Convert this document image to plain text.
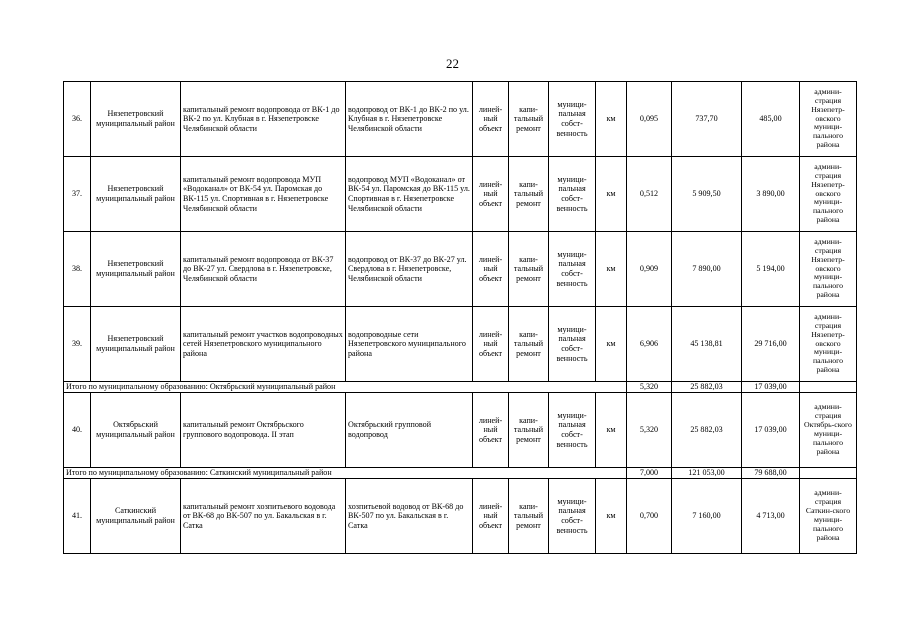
22
36.	Нязепетровский муниципальный район	капитальный ремонт водопровода от ВК-1 до ВК-2 по ул. Клубная в г. Нязепетровске Челябинской области	водопровод от ВК-1 до ВК-2 по ул. Клубная в г. Нязепетровске Челябинской области	линей-ный объект	капи-тальный ремонт	муници-пальная собст-венность	км	0,095	737,70	485,00	админи-страция Нязепетр-овского муници-пального района
37.	Нязепетровский муниципальный район	капитальный ремонт водопровода МУП «Водоканал» от ВК-54 ул. Паромская до ВК-115 ул. Спортивная в г. Нязепетровске Челябинской области	водопровод МУП «Водоканал» от ВК-54 ул. Паромская до ВК-115 ул. Спортивная в г. Нязепетровске Челябинской области	линей-ный объект	капи-тальный ремонт	муници-пальная собст-венность	км	0,512	5 909,50	3 890,00	админи-страция Нязепетр-овского муници-пального района
38.	Нязепетровский муниципальный район	капитальный ремонт водопровода от ВК-37 до ВК-27 ул. Свердлова в г. Нязепетровске, Челябинской области	водопровод от ВК-37 до ВК-27 ул. Свердлова в г. Нязепетровске, Челябинской области	линей-ный объект	капи-тальный ремонт	муници-пальная собст-венность	км	0,909	7 890,00	5 194,00	админи-страция Нязепетр-овского муници-пального района
39.	Нязепетровский муниципальный район	капитальный ремонт участков водопроводных сетей Нязепетровского муниципального района	водопроводные сети Нязепетровского муниципального района	линей-ный объект	капи-тальный ремонт	муници-пальная собст-венность	км	6,906	45 138,81	29 716,00	админи-страция Нязепетр-овского муници-пального района
Итого по муниципальному образованию: Октябрьский муниципальный район								5,320	25 882,03	17 039,00	
40.	Октябрьский муниципальный район	капитальный ремонт Октябрьского группового водопровода. II этап	Октябрьский групповой водопровод	линей-ный объект	капи-тальный ремонт	муници-пальная собст-венность	км	5,320	25 882,03	17 039,00	админи-страция Октябрь-ского муници-пального района
Итого по муниципальному образованию: Саткинский муниципальный район								7,000	121 053,00	79 688,00	
41.	Саткинский муниципальный район	капитальный ремонт хозпитьевого водовода от ВК-68 до ВК-507 по ул. Бакальская в г. Сатка	хозпитьевой водовод от ВК-68 до ВК-507 по ул. Бакальская в г. Сатка	линей-ный объект	капи-тальный ремонт	муници-пальная собст-венность	км	0,700	7 160,00	4 713,00	админи-страция Саткин-ского муници-пального района
